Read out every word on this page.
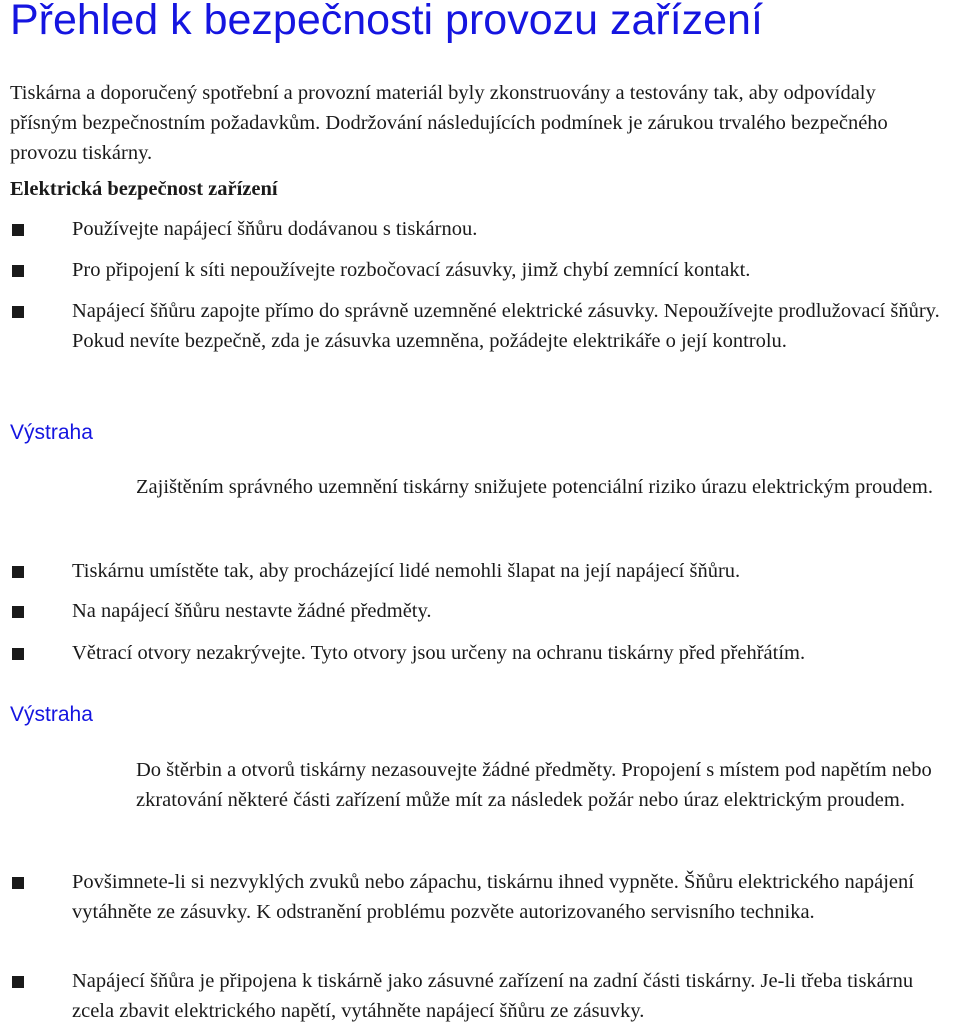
Přehled k bezpečnosti provozu zařízení

Tiskárna a doporučený spotřební a provozní materiál byly zkonstruovány a testovány tak, aby odpovídaly přísným bezpečnostním požadavkům. Dodržování následujících podmínek je zárukou trvalého bezpečného provozu tiskárny.

Elektrická bezpečnost zařízení

Používejte napájecí šňůru dodávanou s tiskárnou.

Pro připojení k síti nepoužívejte rozbočovací zásuvky, jimž chybí zemnící kontakt.

Napájecí šňůru zapojte přímo do správně uzemněné elektrické zásuvky. Nepoužívejte prodlužovací šňůry. Pokud nevíte bezpečně, zda je zásuvka uzemněna, požádejte elektrikáře o její kontrolu.

Výstraha

Zajištěním správného uzemnění tiskárny snižujete potenciální riziko úrazu elektrickým proudem.

Tiskárnu umístěte tak, aby procházející lidé nemohli šlapat na její napájecí šňůru.

Na napájecí šňůru nestavte žádné předměty.

Větrací otvory nezakrývejte. Tyto otvory jsou určeny na ochranu tiskárny před přehřátím.

Výstraha

Do štěrbin a otvorů tiskárny nezasouvejte žádné předměty. Propojení s místem pod napětím nebo zkratování některé části zařízení může mít za následek požár nebo úraz elektrickým proudem.

Povšimnete-li si nezvyklých zvuků nebo zápachu, tiskárnu ihned vypněte. Šňůru elektrického napájení vytáhněte ze zásuvky. K odstranění problému pozvěte autorizovaného servisního technika.

Napájecí šňůra je připojena k tiskárně jako zásuvné zařízení na zadní části tiskárny. Je-li třeba tiskárnu zcela zbavit elektrického napětí, vytáhněte napájecí šňůru ze zásuvky.
